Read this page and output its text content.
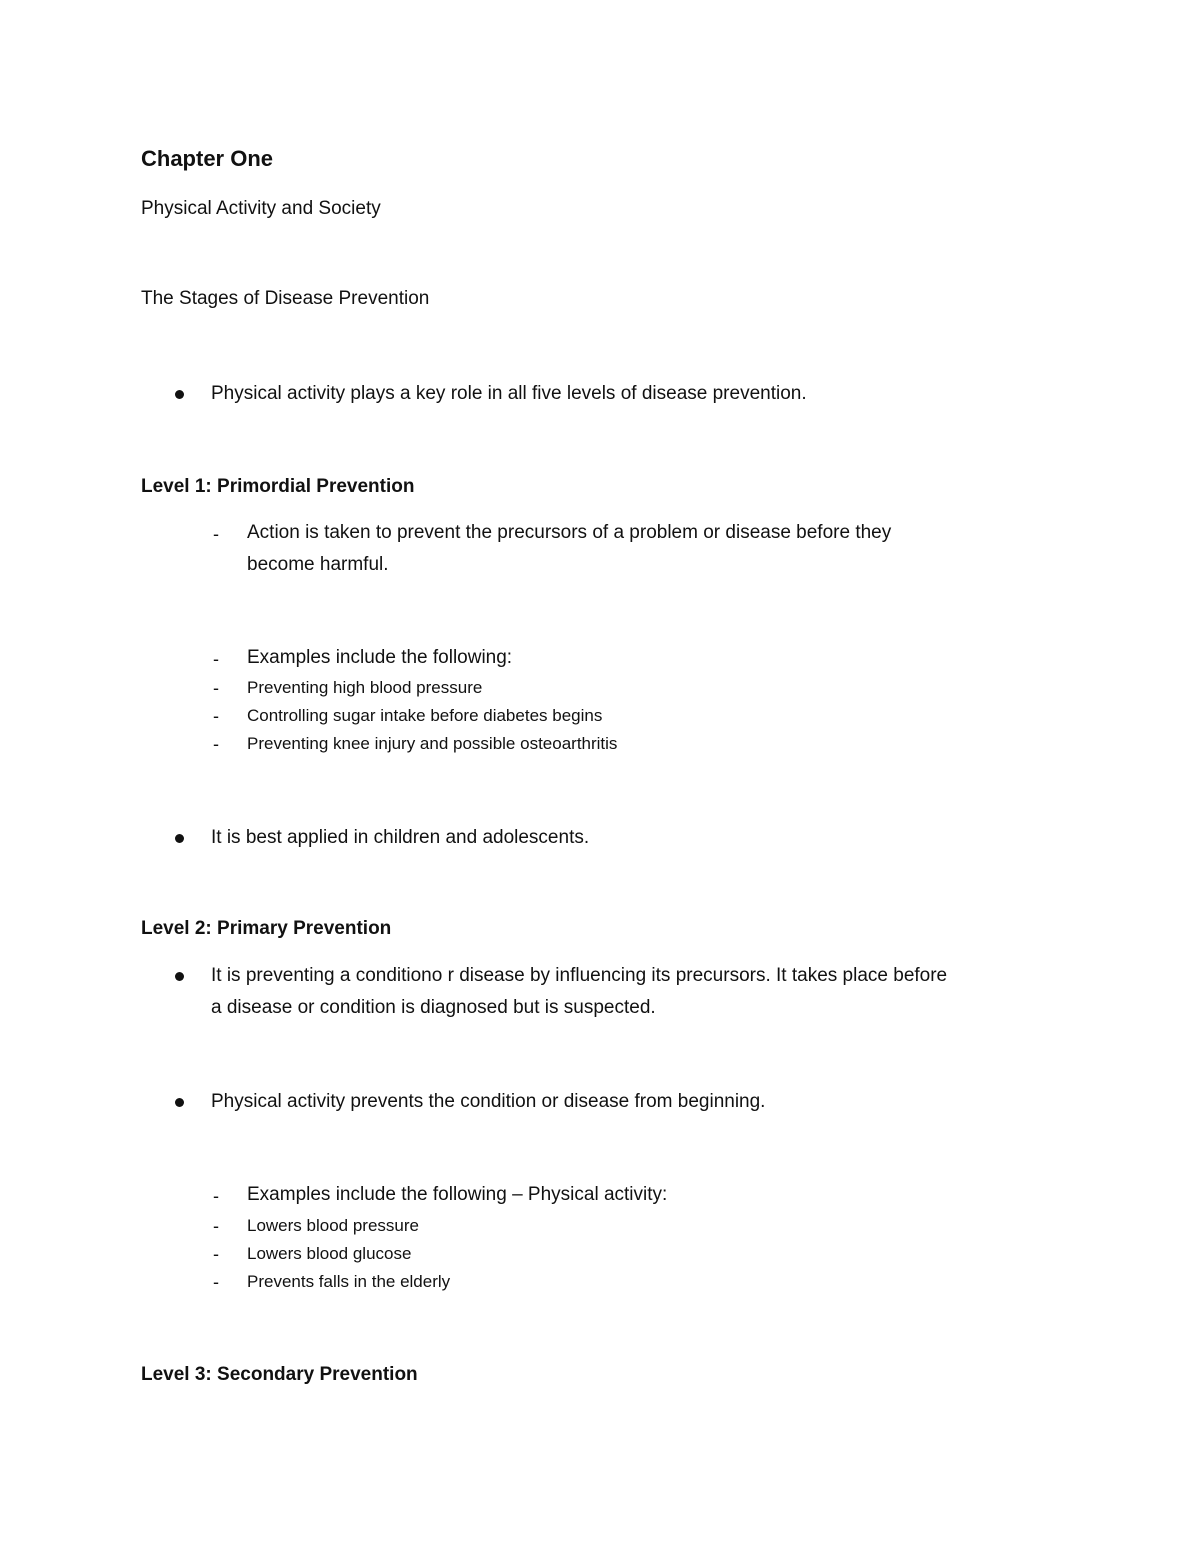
Chapter One
Physical Activity and Society
The Stages of Disease Prevention
Physical activity plays a key role in all five levels of disease prevention.
Level 1: Primordial Prevention
- Action is taken to prevent the precursors of a problem or disease before they
become harmful.
- Examples include the following:
- Preventing high blood pressure
- Controlling sugar intake before diabetes begins
- Preventing knee injury and possible osteoarthritis
It is best applied in children and adolescents.
Level 2: Primary Prevention
It is preventing a conditiono r disease by influencing its precursors. It takes place before
a disease or condition is diagnosed but is suspected.
Physical activity prevents the condition or disease from beginning.
- Examples include the following – Physical activity:
- Lowers blood pressure
- Lowers blood glucose
- Prevents falls in the elderly
Level 3: Secondary Prevention
